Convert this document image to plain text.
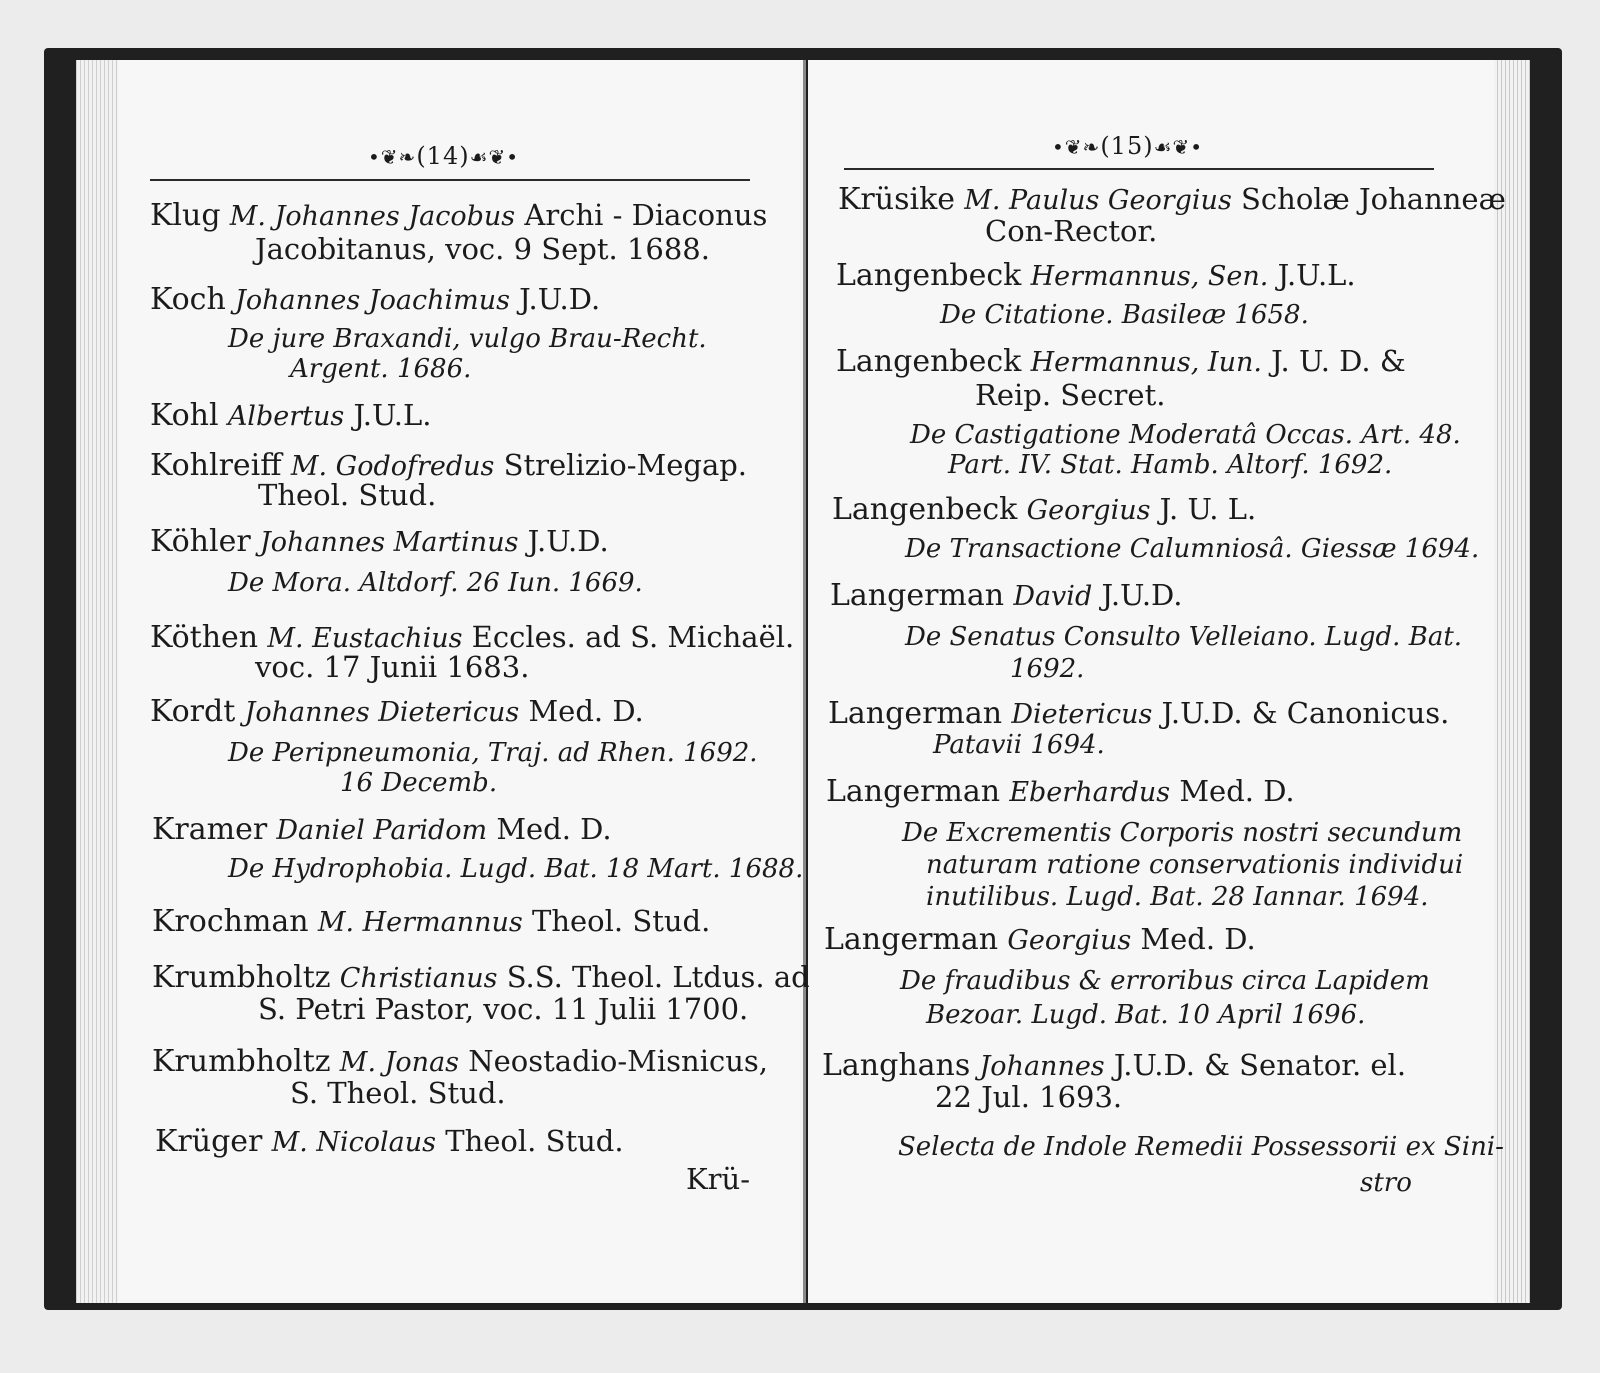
•❦❧(14)☙❦•
Klug M. Johannes Jacobus Archi - Diaconus
Jacobitanus, voc. 9 Sept. 1688.
Koch Johannes Joachimus J.U.D.
De jure Braxandi, vulgo Brau-Recht.
Argent. 1686.
Kohl Albertus J.U.L.
Kohlreiff M. Godofredus Strelizio-Megap.
Theol. Stud.
Köhler Johannes Martinus J.U.D.
De Mora. Altdorf. 26 Iun. 1669.
Köthen M. Eustachius Eccles. ad S. Michaël.
voc. 17 Junii 1683.
Kordt Johannes Dietericus Med. D.
De Peripneumonia, Traj. ad Rhen. 1692.
16 Decemb.
Kramer Daniel Paridom Med. D.
De Hydrophobia. Lugd. Bat. 18 Mart. 1688.
Krochman M. Hermannus Theol. Stud.
Krumbholtz Christianus S.S. Theol. Ltdus. ad
S. Petri Pastor, voc. 11 Julii 1700.
Krumbholtz M. Jonas Neostadio-Misnicus,
S. Theol. Stud.
Krüger M. Nicolaus Theol. Stud.
Krü-
•❦❧(15)☙❦•
Krüsike M. Paulus Georgius Scholæ Johanneæ
Con-Rector.
Langenbeck Hermannus, Sen. J.U.L.
De Citatione. Basileæ 1658.
Langenbeck Hermannus, Iun. J. U. D. &
Reip. Secret.
De Castigatione Moderatâ Occas. Art. 48.
Part. IV. Stat. Hamb. Altorf. 1692.
Langenbeck Georgius J. U. L.
De Transactione Calumniosâ. Giessæ 1694.
Langerman David J.U.D.
De Senatus Consulto Velleiano. Lugd. Bat.
1692.
Langerman Dietericus J.U.D. & Canonicus.
Patavii 1694.
Langerman Eberhardus Med. D.
De Excrementis Corporis nostri secundum
naturam ratione conservationis individui
inutilibus. Lugd. Bat. 28 Iannar. 1694.
Langerman Georgius Med. D.
De fraudibus & erroribus circa Lapidem
Bezoar. Lugd. Bat. 10 April 1696.
Langhans Johannes J.U.D. & Senator. el.
22 Jul. 1693.
Selecta de Indole Remedii Possessorii ex Sini-
stro
